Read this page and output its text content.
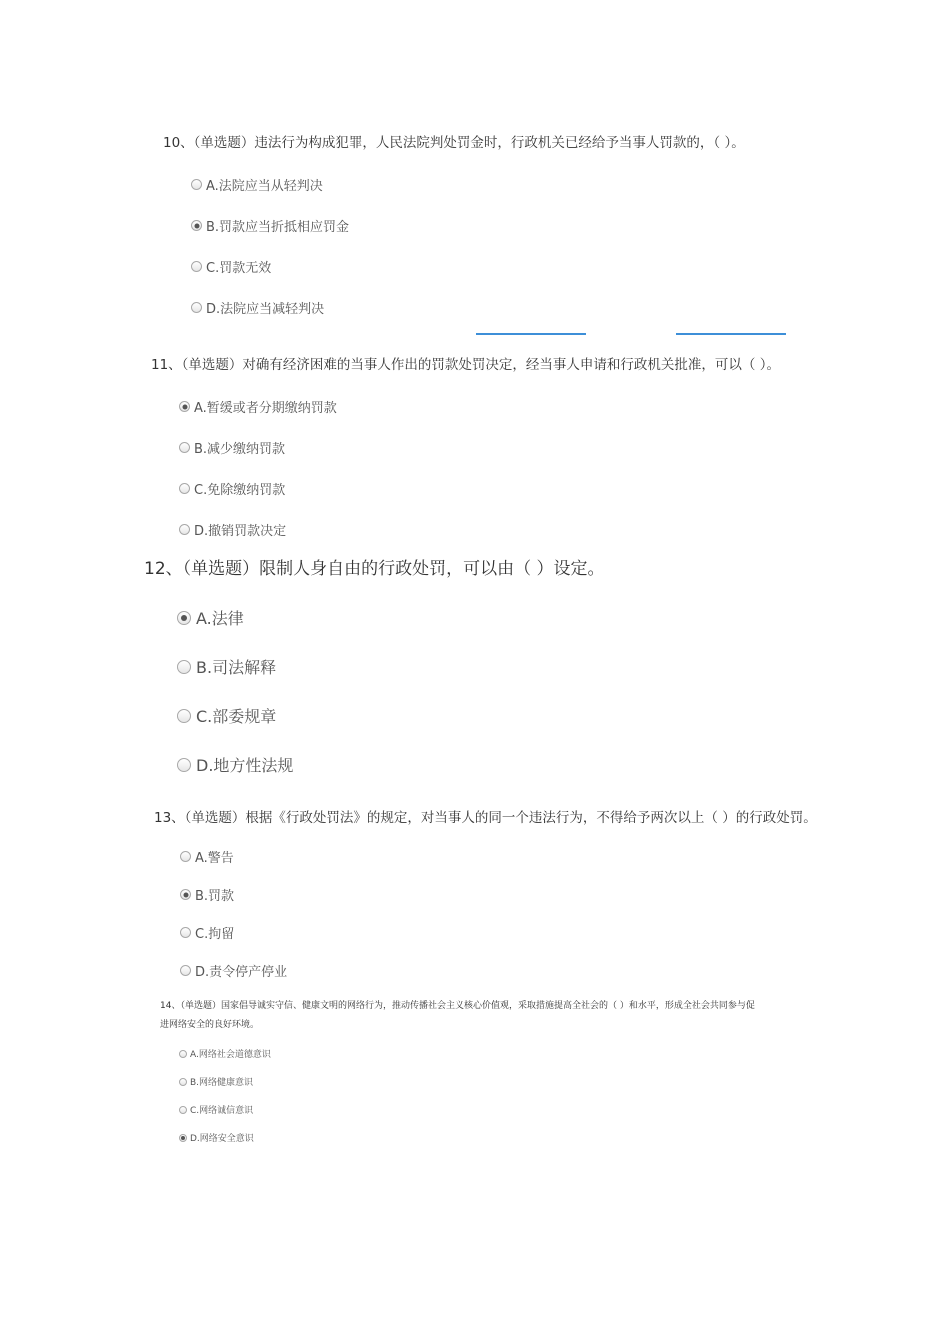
10、（单选题）违法行为构成犯罪，人民法院判处罚金时，行政机关已经给予当事人罚款的，（ ）。
A.法院应当从轻判决
B.罚款应当折抵相应罚金
C.罚款无效
D.法院应当减轻判决
11、（单选题）对确有经济困难的当事人作出的罚款处罚决定，经当事人申请和行政机关批准，可以（ ）。
A.暂缓或者分期缴纳罚款
B.减少缴纳罚款
C.免除缴纳罚款
D.撤销罚款决定
12、（单选题）限制人身自由的行政处罚，可以由（ ）设定。
A.法律
B.司法解释
C.部委规章
D.地方性法规
13、（单选题）根据《行政处罚法》的规定，对当事人的同一个违法行为，不得给予两次以上（ ）的行政处罚。
A.警告
B.罚款
C.拘留
D.责令停产停业
14、（单选题）国家倡导诚实守信、健康文明的网络行为，推动传播社会主义核心价值观，采取措施提高全社会的（ ）和水平，形成全社会共同参与促
进网络安全的良好环境。
A.网络社会道德意识
B.网络健康意识
C.网络诚信意识
D.网络安全意识
